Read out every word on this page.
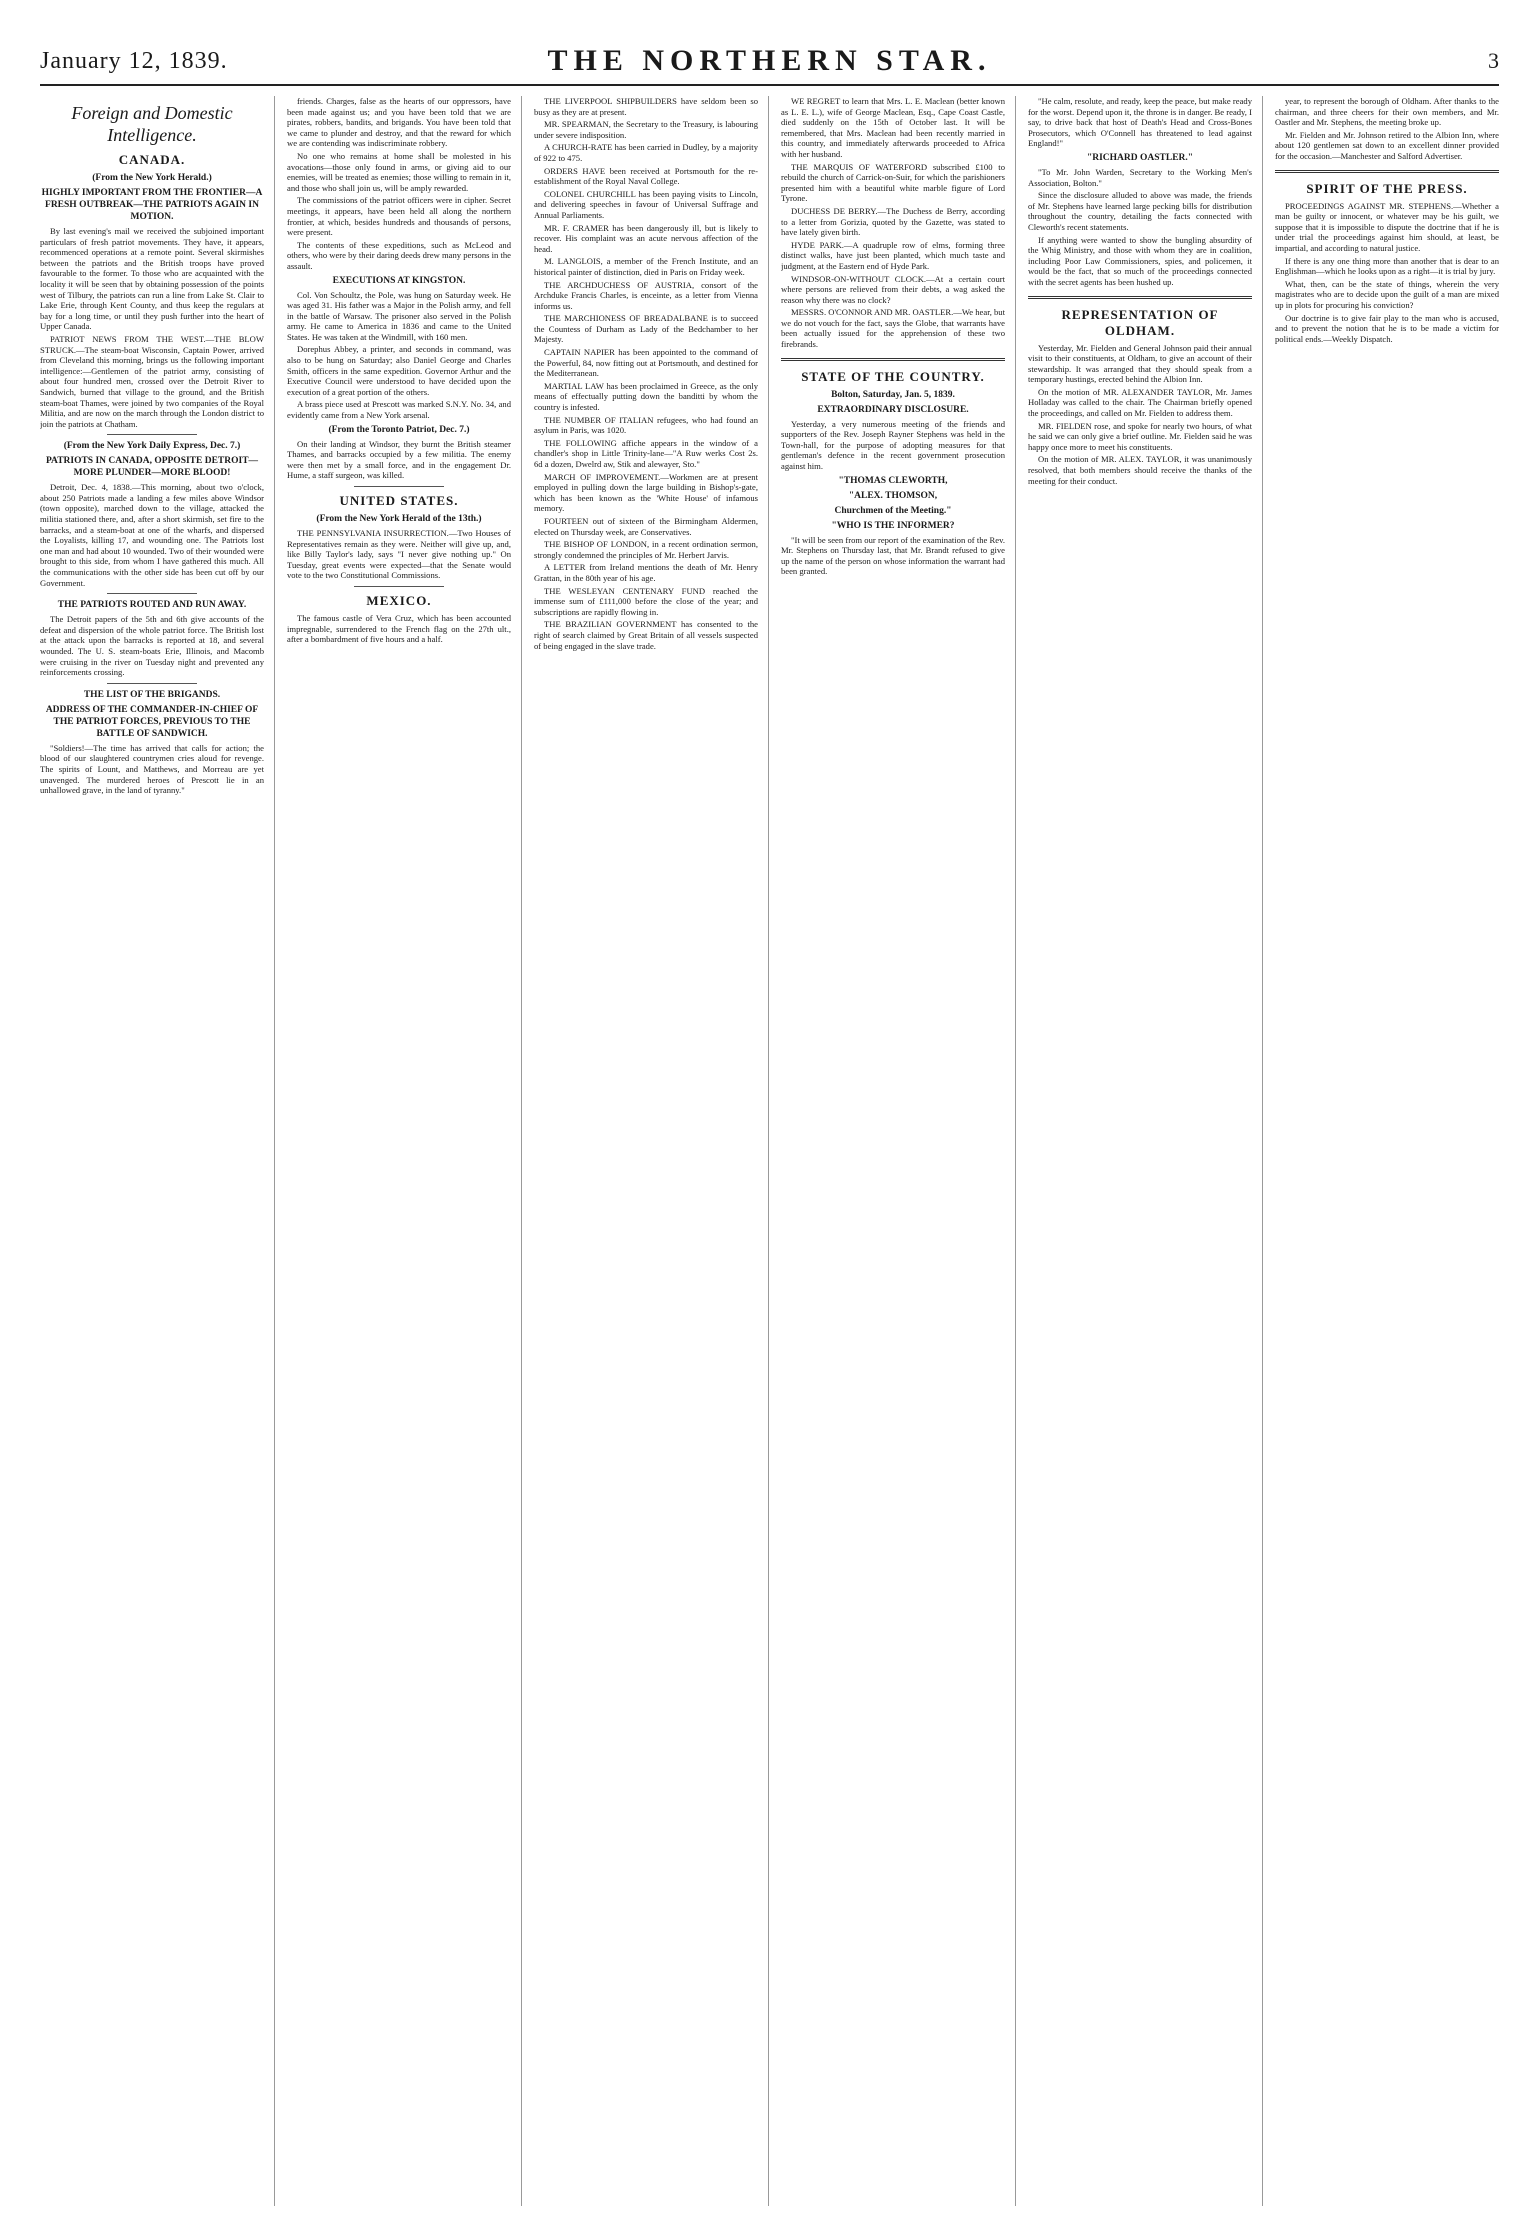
January 12, 1839.	THE NORTHERN STAR.	3
Foreign and Domestic Intelligence.
CANADA.
(From the New York Herald.)
HIGHLY IMPORTANT FROM THE FRONTIER—A FRESH OUTBREAK—THE PATRIOTS AGAIN IN MOTION.

By last evening's mail we received the subjoined important particulars of fresh patriot movements. They have, it appears, recommenced operations at a remote point. Several skirmishes between the patriots and the British troops have proved favourable to the former. To those who are acquainted with the locality it will be seen that by obtaining possession of the points west of Tilbury, the patriots can run a line from Lake St. Clair to Lake Erie, through Kent County, and thus keep the regulars at bay for a long time, or until they push further into the heart of Upper Canada.

PATRIOT NEWS FROM THE WEST.—THE BLOW STRUCK.—The steam-boat Wisconsin, Captain Power, arrived from Cleveland this morning, brings us the following important intelligence:—Gentlemen of the patriot army, consisting of about four hundred men, crossed over the Detroit River to Sandwich, burned that village to the ground, and the British steam-boat Thames, were joined by two companies of the Royal Militia, and are now on the march through the London district to join the patriots at Chatham.

(From the New York Daily Express, Dec. 7.)
PATRIOTS IN CANADA, OPPOSITE DETROIT—MORE PLUNDER—MORE BLOOD!

Detroit, Dec. 4, 1838.—This morning, about two o'clock, about 250 Patriots made a landing a few miles above Windsor (town opposite), marched down to the village, attacked the militia stationed there, and, after a short skirmish, set fire to the barracks, and a steam-boat at one of the wharfs, and dispersed the Loyalists, killing 17, and wounding one. The Patriots lost one man and had about 10 wounded. Two of their wounded were brought to this side, from whom I have gathered this much. All the communications with the other side has been cut off by our Government.

THE PATRIOTS ROUTED AND RUN AWAY.

The Detroit papers of the 5th and 6th give accounts of the defeat and dispersion of the whole patriot force. The British lost at the attack upon the barracks is reported at 18, and several wounded. The U. S. steam-boats Erie, Illinois, and Macomb were cruising in the river on Tuesday night and prevented any reinforcements crossing.

THE LIST OF THE BRIGANDS.
ADDRESS OF THE COMMANDER-IN-CHIEF OF THE PATRIOT FORCES, PREVIOUS TO THE BATTLE OF SANDWICH.

"Soldiers!—The time has arrived that calls for action; the blood of our slaughtered countrymen cries aloud for revenge. The spirits of Lount, and Matthews, and Morreau are yet unavenged. The murdered heroes of Prescott lie in an unhallowed grave, in the land of tyranny."

friends. Charges, false as the hearts of our oppressors, have been made against us; and you have been told that we are pirates, robbers, bandits, and brigands. You have been told that we came to plunder and destroy, and that the reward for which we are contending was indiscriminate robbery.

No one who remains at home shall be molested in his avocations—those only found in arms, or giving aid to our enemies, will be treated as enemies; those willing to remain in it, and those who shall join us, will be amply rewarded.

The commissions of the patriot officers were in cipher. Secret meetings, it appears, have been held all along the northern frontier, at which, besides hundreds and thousands of persons, were present.

The contents of these expeditions, such as McLeod and others, who were by their daring deeds drew many persons in the assault.

EXECUTIONS AT KINGSTON.

Col. Von Schoultz, the Pole, was hung on Saturday week. He was aged 31. His father was a Major in the Polish army, and fell in the battle of Warsaw. The prisoner also served in the Polish army. He came to America in 1836 and came to the United States. He was taken at the Windmill, with 160 men.

Dorephus Abbey, a printer, and seconds in command, was also to be hung on Saturday; also Daniel George and Charles Smith, officers in the same expedition. Governor Arthur and the Executive Council were understood to have decided upon the execution of a great portion of the others.

A brass piece used at Prescott was marked S.N.Y. No. 34, and evidently came from a New York arsenal.

(From the Toronto Patriot, Dec. 7.)

On their landing at Windsor, they burnt the British steamer Thames, and barracks occupied by a few militia. The enemy were then met by a small force, and in the engagement Dr. Hume, a staff surgeon, was killed.

UNITED STATES.
(From the New York Herald of the 13th.)

THE PENNSYLVANIA INSURRECTION.—Two Houses of Representatives remain as they were. Neither will give up, and, like Billy Taylor's lady, says "I never give nothing up." On Tuesday, great events were expected—that the Senate would vote to the two Constitutional Commissions.

MEXICO.

The famous castle of Vera Cruz, which has been accounted impregnable, surrendered to the French flag on the 27th ult., after a bombardment of five hours and a half.

THE LIVERPOOL SHIPBUILDERS have seldom been so busy as they are at present.

MR. SPEARMAN, the Secretary to the Treasury, is labouring under severe indisposition.

A CHURCH-RATE has been carried in Dudley, by a majority of 922 to 475.

ORDERS HAVE been received at Portsmouth for the re-establishment of the Royal Naval College.

COLONEL CHURCHILL has been paying visits to Lincoln, and delivering speeches in favour of Universal Suffrage and Annual Parliaments.

MR. F. CRAMER has been dangerously ill, but is likely to recover. His complaint was an acute nervous affection of the head.

M. LANGLOIS, a member of the French Institute, and an historical painter of distinction, died in Paris on Friday week.

THE ARCHDUCHESS OF AUSTRIA, consort of the Archduke Francis Charles, is enceinte, as a letter from Vienna informs us.

THE MARCHIONESS OF BREADALBANE is to succeed the Countess of Durham as Lady of the Bedchamber to her Majesty.

CAPTAIN NAPIER has been appointed to the command of the Powerful, 84, now fitting out at Portsmouth, and destined for the Mediterranean.

MARTIAL LAW has been proclaimed in Greece, as the only means of effectually putting down the banditti by whom the country is infested.

THE NUMBER OF ITALIAN refugees, who had found an asylum in Paris, was 1020.

THE FOLLOWING affiche appears in the window of a chandler's shop in Little Trinity-lane—"A Ruw werks Cost 2s. 6d a dozen, Dwelrd aw, Stik and alewayer, Sto."

MARCH OF IMPROVEMENT.—Workmen are at present employed in pulling down the large building in Bishop's-gate, which has been known as the 'White House' of infamous memory.

FOURTEEN out of sixteen of the Birmingham Aldermen, elected on Thursday week, are Conservatives.

THE BISHOP OF LONDON, in a recent ordination sermon, strongly condemned the principles of Mr. Herbert Jarvis.

A LETTER from Ireland mentions the death of Mr. Henry Grattan, in the 80th year of his age.

THE WESLEYAN CENTENARY FUND reached the immense sum of £111,000 before the close of the year; and subscriptions are rapidly flowing in.

THE BRAZILIAN GOVERNMENT has consented to the right of search claimed by Great Britain of all vessels suspected of being engaged in the slave trade.

WE REGRET to learn that Mrs. L. E. Maclean (better known as L. E. L.), wife of George Maclean, Esq., Cape Coast Castle, died suddenly on the 15th of October last. It will be remembered, that Mrs. Maclean had been recently married in this country, and immediately afterwards proceeded to Africa with her husband.

THE MARQUIS OF WATERFORD subscribed £100 to rebuild the church of Carrick-on-Suir, for which the parishioners presented him with a beautiful white marble figure of Lord Tyrone.

DUCHESS DE BERRY.—The Duchess de Berry, according to a letter from Gorizia, quoted by the Gazette, was stated to have lately given birth.

HYDE PARK.—A quadruple row of elms, forming three distinct walks, have just been planted, which much taste and judgment, at the Eastern end of Hyde Park.

WINDSOR-ON-WITHOUT CLOCK.—At a certain court where persons are relieved from their debts, a wag asked the reason why there was no clock?

MESSRS. O'CONNOR AND MR. OASTLER.—We hear, but we do not vouch for the fact, says the Globe, that warrants have been actually issued for the apprehension of these two firebrands.

STATE OF THE COUNTRY.
Bolton, Saturday, Jan. 5, 1839.
EXTRAORDINARY DISCLOSURE.

Yesterday, a very numerous meeting of the friends and supporters of the Rev. Joseph Rayner Stephens was held in the Town-hall, for the purpose of adopting measures for that gentleman's defence in the recent government prosecution against him.

"THOMAS CLEWORTH,
"ALEX. THOMSON,
Churchmen of the Meeting."
"WHO IS THE INFORMER?

"It will be seen from our report of the examination of the Rev. Mr. Stephens on Thursday last, that Mr. Brandt refused to give up the name of the person on whose information the warrant had been granted.

"He calm, resolute, and ready, keep the peace, but make ready for the worst. Depend upon it, the throne is in danger. Be ready, I say, to drive back that host of Death's Head and Cross-Bones Prosecutors, which O'Connell has threatened to lead against England!"

"RICHARD OASTLER."

"To Mr. John Warden, Secretary to the Working Men's Association, Bolton."

Since the disclosure alluded to above was made, the friends of Mr. Stephens have learned large pecking bills for distribution throughout the country, detailing the facts connected with Cleworth's recent statements.

If anything were wanted to show the bungling absurdity of the Whig Ministry, and those with whom they are in coalition, including Poor Law Commissioners, spies, and policemen, it would be the fact, that so much of the proceedings connected with the secret agents has been hushed up.

REPRESENTATION OF OLDHAM.

Yesterday, Mr. Fielden and General Johnson paid their annual visit to their constituents, at Oldham, to give an account of their stewardship. It was arranged that they should speak from a temporary hustings, erected behind the Albion Inn.

On the motion of MR. ALEXANDER TAYLOR, Mr. James Holladay was called to the chair. The Chairman briefly opened the proceedings, and called on Mr. Fielden to address them.

MR. FIELDEN rose, and spoke for nearly two hours, of what he said we can only give a brief outline. Mr. Fielden said he was happy once more to meet his constituents.

On the motion of MR. ALEX. TAYLOR, it was unanimously resolved, that both members should receive the thanks of the meeting for their conduct.

year, to represent the borough of Oldham. After thanks to the chairman, and three cheers for their own members, and Mr. Oastler and Mr. Stephens, the meeting broke up.

Mr. Fielden and Mr. Johnson retired to the Albion Inn, where about 120 gentlemen sat down to an excellent dinner provided for the occasion.—Manchester and Salford Advertiser.

SPIRIT OF THE PRESS.

PROCEEDINGS AGAINST MR. STEPHENS.—Whether a man be guilty or innocent, or whatever may be his guilt, we suppose that it is impossible to dispute the doctrine that if he is under trial the proceedings against him should, at least, be impartial, and according to natural justice.

If there is any one thing more than another that is dear to an Englishman—which he looks upon as a right—it is trial by jury.

What, then, can be the state of things, wherein the very magistrates who are to decide upon the guilt of a man are mixed up in plots for procuring his conviction?

Our doctrine is to give fair play to the man who is accused, and to prevent the notion that he is to be made a victim for political ends.—Weekly Dispatch.
